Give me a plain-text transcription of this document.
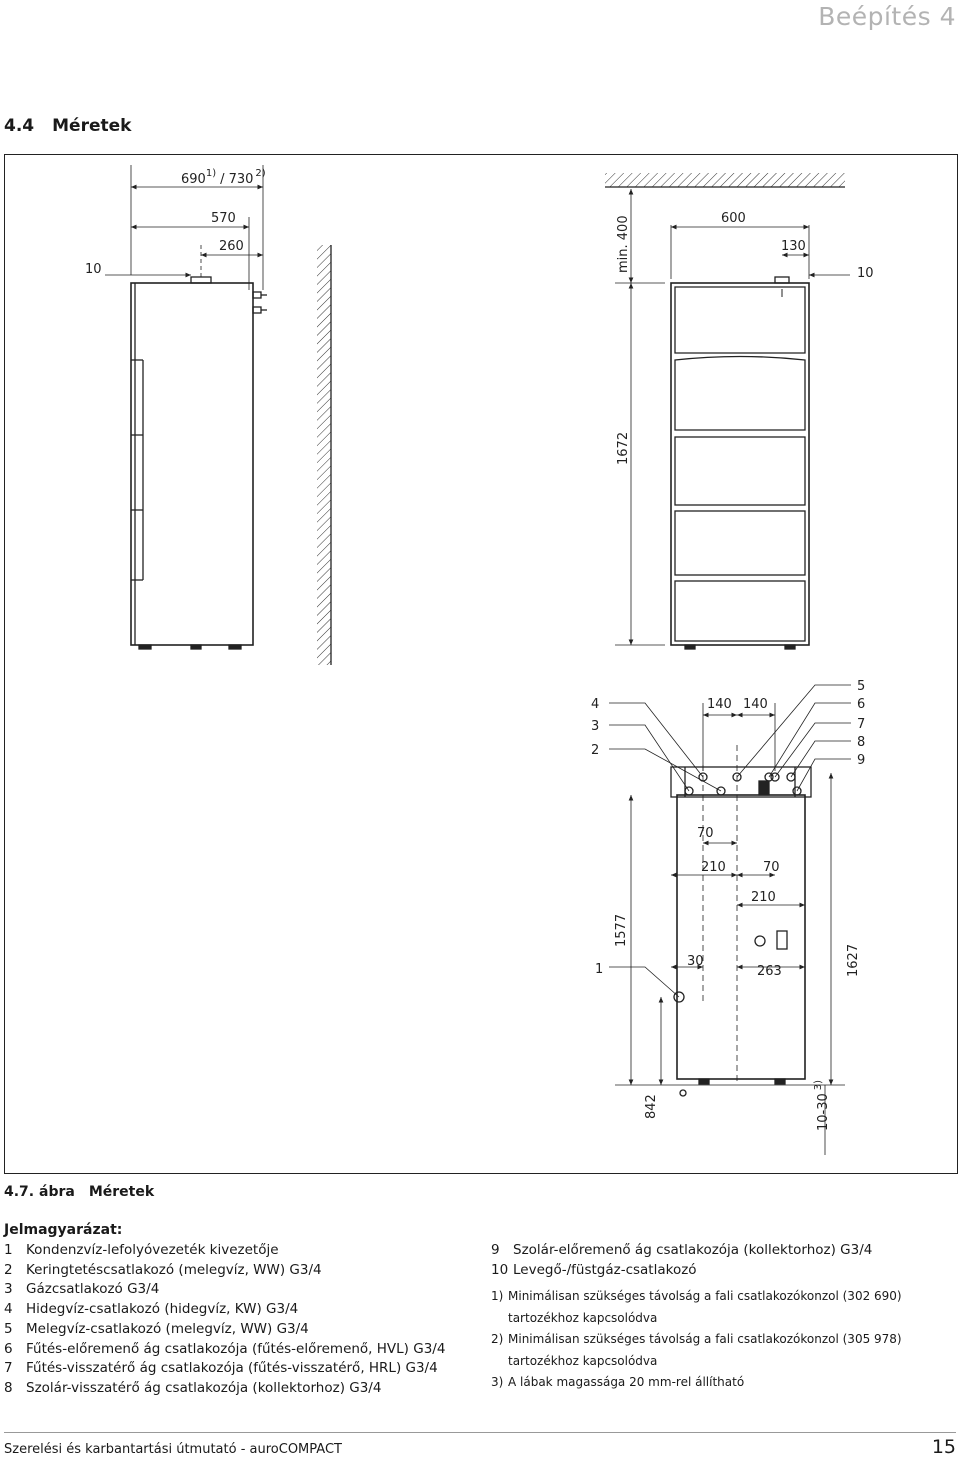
Beépítés 4
4.4 Méretek
690$^{1)}$ / 730 $^{2)}$
570
260
10	min. 400
1672
600
130
10
140 140
70
210	70
210
1577
30
263	1627
842	10-30$^{3)}$
4
3
2
1
5
6
7
8
9
4.7. ábra Méretek
Jelmagyarázat:
1 Kondenzvíz-lefolyóvezeték kivezetője
2 Keringtetéscsatlakozó (melegvíz, WW) G3/4
3 Gázcsatlakozó G3/4
4 Hidegvíz-csatlakozó (hidegvíz, KW) G3/4
5 Melegvíz-csatlakozó (melegvíz, WW) G3/4
6 Fűtés-előremenő ág csatlakozója (fűtés-előremenő, HVL) G3/4
7 Fűtés-visszatérő ág csatlakozója (fűtés-visszatérő, HRL) G3/4
8 Szolár-visszatérő ág csatlakozója (kollektorhoz) G3/4
9 Szolár-előremenő ág csatlakozója (kollektorhoz) G3/4
10 Levegő-/füstgáz-csatlakozó
1) Minimálisan szükséges távolság a fali csatlakozókonzol (302 690)
tartozékhoz kapcsolódva
2) Minimálisan szükséges távolság a fali csatlakozókonzol (305 978)
tartozékhoz kapcsolódva
3) A lábak magassága 20 mm-rel állítható
Szerelési és karbantartási útmutató - auroCOMPACT	15
